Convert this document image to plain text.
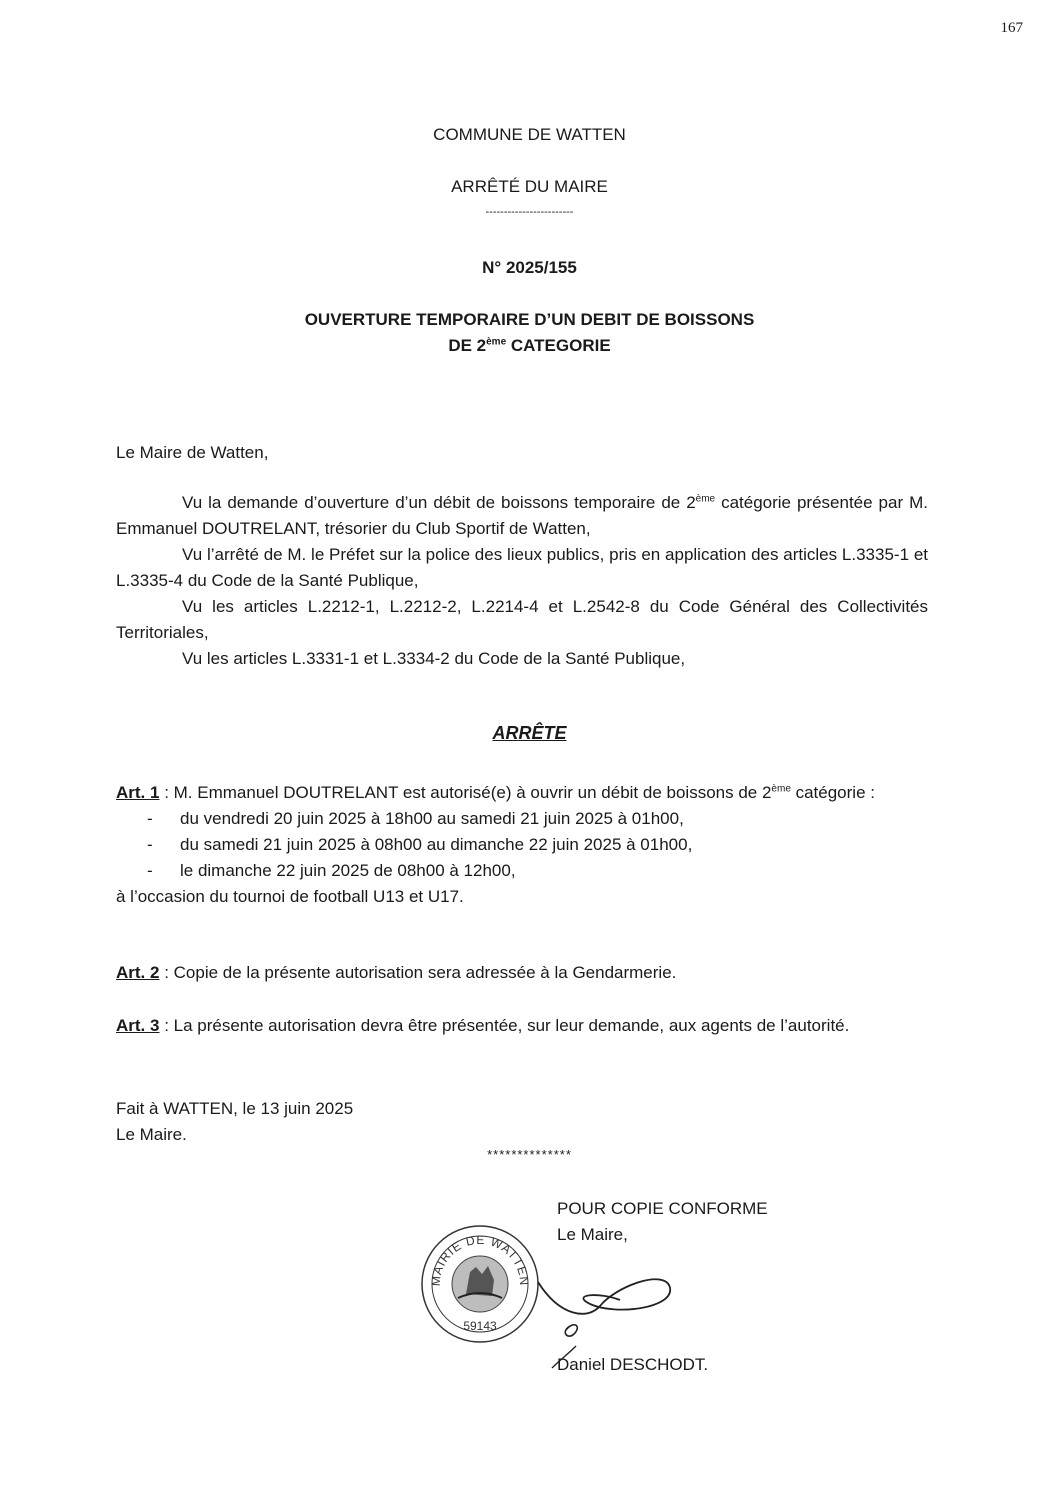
167
COMMUNE DE WATTEN
ARRÊTÉ DU MAIRE
------------------------
N° 2025/155
OUVERTURE TEMPORAIRE D’UN DEBIT DE BOISSONS
DE 2ème CATEGORIE
Le Maire de Watten,
Vu la demande d’ouverture d’un débit de boissons temporaire de 2ème catégorie présentée par M. Emmanuel DOUTRELANT, trésorier du Club Sportif de Watten,
Vu l’arrêté de M. le Préfet sur la police des lieux publics, pris en application des articles L.3335-1 et L.3335-4 du Code de la Santé Publique,
Vu les articles L.2212-1, L.2212-2, L.2214-4 et L.2542-8 du Code Général des Collectivités Territoriales,
Vu les articles L.3331-1 et L.3334-2 du Code de la Santé Publique,
ARRÊTE
Art. 1 : M. Emmanuel DOUTRELANT est autorisé(e) à ouvrir un débit de boissons de 2ème catégorie :
- du vendredi 20 juin 2025 à 18h00 au samedi 21 juin 2025 à 01h00,
- du samedi 21 juin 2025 à 08h00 au dimanche 22 juin 2025 à 01h00,
- le dimanche 22 juin 2025 de 08h00 à 12h00,
à l’occasion du tournoi de football U13 et U17.
Art. 2 : Copie de la présente autorisation sera adressée à la Gendarmerie.
Art. 3 : La présente autorisation devra être présentée, sur leur demande, aux agents de l’autorité.
Fait à WATTEN, le 13 juin 2025
Le Maire.
**************
POUR COPIE CONFORME
Le Maire,
MAIRIE DE WATTEN
59143
Daniel DESCHODT.
